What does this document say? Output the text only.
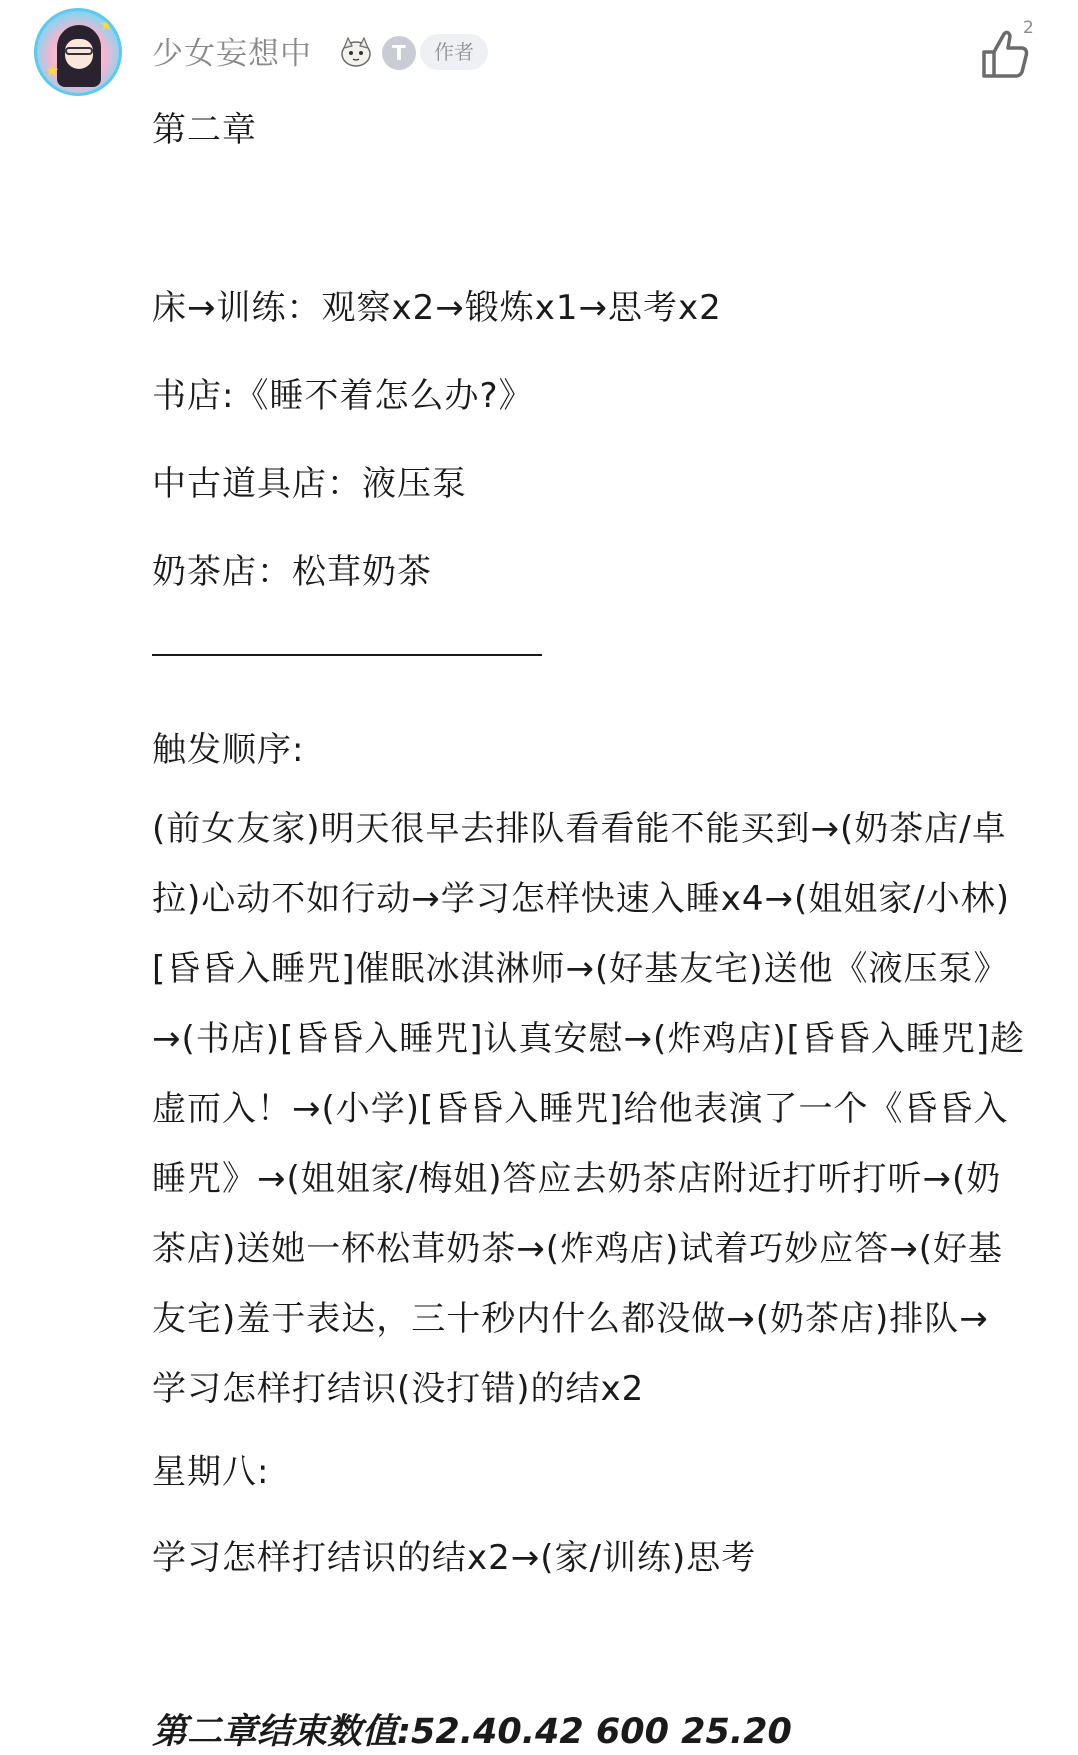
★
★
少女妄想中	T	作者
2
第二章
床→训练：观察x2→锻炼x1→思考x2
书店:《睡不着怎么办?》
中古道具店：液压泵
奶茶店：松茸奶茶
触发顺序:
(前女友家)明天很早去排队看看能不能买到→(奶茶店/卓
拉)心动不如行动→学习怎样快速入睡x4→(姐姐家/小林)
[昏昏入睡咒]催眠冰淇淋师→(好基友宅)送他《液压泵》
→(书店)[昏昏入睡咒]认真安慰→(炸鸡店)[昏昏入睡咒]趁
虚而入！→(小学)[昏昏入睡咒]给他表演了一个《昏昏入
睡咒》→(姐姐家/梅姐)答应去奶茶店附近打听打听→(奶
茶店)送她一杯松茸奶茶→(炸鸡店)试着巧妙应答→(好基
友宅)羞于表达，三十秒内什么都没做→(奶茶店)排队→
学习怎样打结识(没打错)的结x2
星期八:
学习怎样打结识的结x2→(家/训练)思考
第二章结束数值:52.40.42 600 25.20
